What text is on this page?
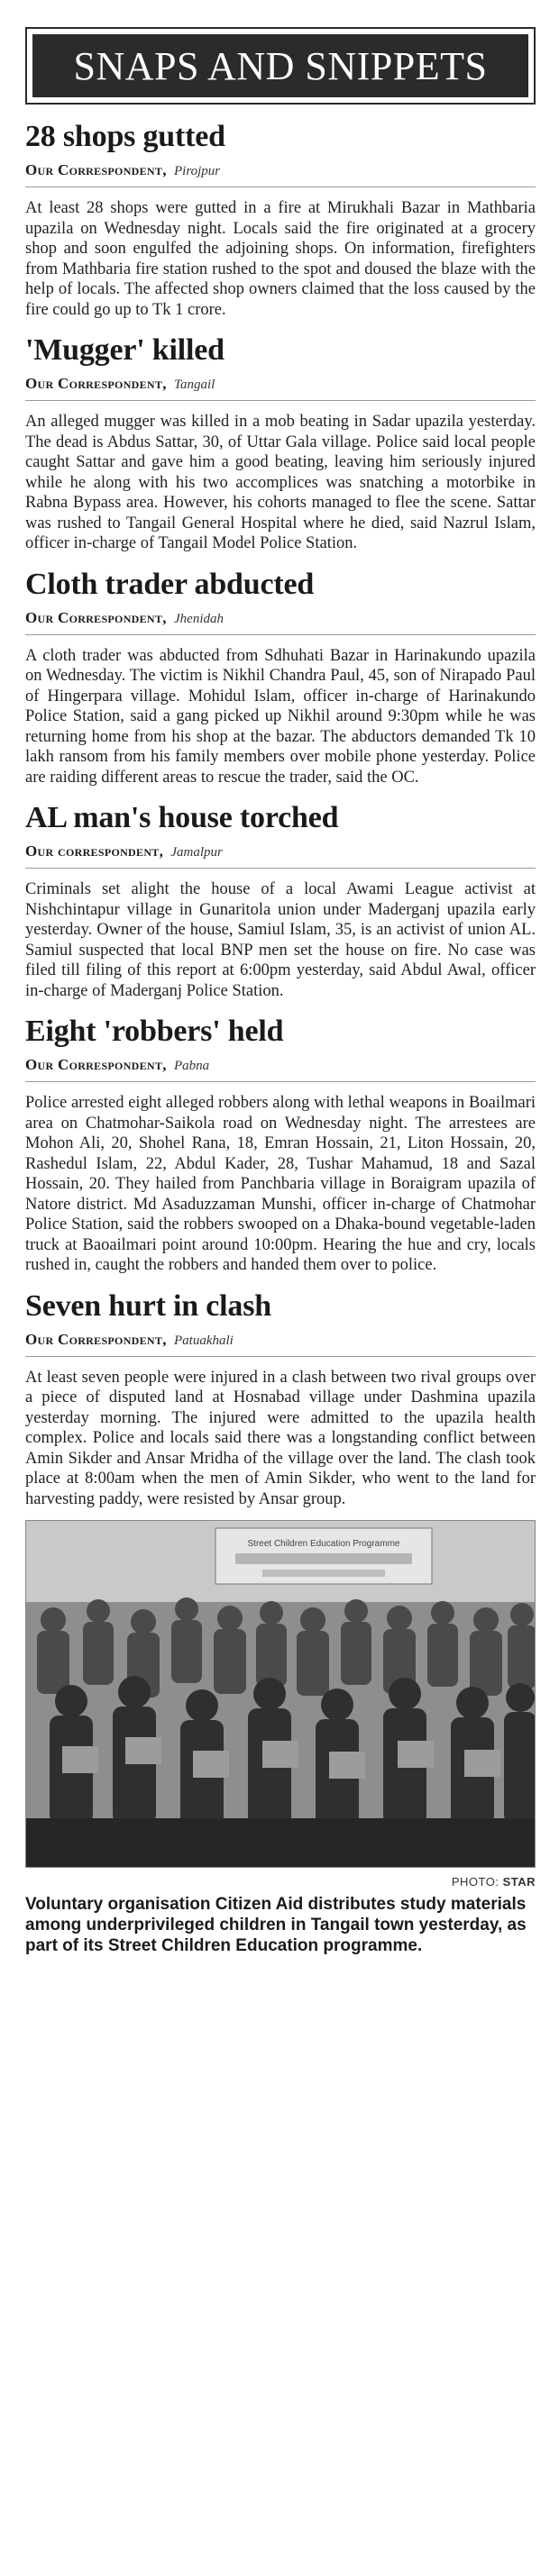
SNAPS AND SNIPPETS
28 shops gutted
Our Correspondent, Pirojpur

At least 28 shops were gutted in a fire at Mirukhali Bazar in Mathbaria upazila on Wednesday night. Locals said the fire originated at a grocery shop and soon engulfed the adjoining shops. On information, firefighters from Mathbaria fire station rushed to the spot and doused the blaze with the help of locals. The affected shop owners claimed that the loss caused by the fire could go up to Tk 1 crore.

'Mugger' killed
Our Correspondent, Tangail

An alleged mugger was killed in a mob beating in Sadar upazila yesterday. The dead is Abdus Sattar, 30, of Uttar Gala village. Police said local people caught Sattar and gave him a good beating, leaving him seriously injured while he along with his two accomplices was snatching a motorbike in Rabna Bypass area. However, his cohorts managed to flee the scene. Sattar was rushed to Tangail General Hospital where he died, said Nazrul Islam, officer in-charge of Tangail Model Police Station.

Cloth trader abducted
Our Correspondent, Jhenidah

A cloth trader was abducted from Sdhuhati Bazar in Harinakundo upazila on Wednesday. The victim is Nikhil Chandra Paul, 45, son of Nirapado Paul of Hingerpara village. Mohidul Islam, officer in-charge of Harinakundo Police Station, said a gang picked up Nikhil around 9:30pm while he was returning home from his shop at the bazar. The abductors demanded Tk 10 lakh ransom from his family members over mobile phone yesterday. Police are raiding different areas to rescue the trader, said the OC.

AL man's house torched
Our correspondent, Jamalpur

Criminals set alight the house of a local Awami League activist at Nishchintapur village in Gunaritola union under Maderganj upazila early yesterday. Owner of the house, Samiul Islam, 35, is an activist of union AL. Samiul suspected that local BNP men set the house on fire. No case was filed till filing of this report at 6:00pm yesterday, said Abdul Awal, officer in-charge of Maderganj Police Station.

Eight 'robbers' held
Our Correspondent, Pabna

Police arrested eight alleged robbers along with lethal weapons in Boailmari area on Chatmohar-Saikola road on Wednesday night. The arrestees are Mohon Ali, 20, Shohel Rana, 18, Emran Hossain, 21, Liton Hossain, 20, Rashedul Islam, 22, Abdul Kader, 28, Tushar Mahamud, 18 and Sazal Hossain, 20. They hailed from Panchbaria village in Boraigram upazila of Natore district. Md Asaduzzaman Munshi, officer in-charge of Chatmohar Police Station, said the robbers swooped on a Dhaka-bound vegetable-laden truck at Baoailmari point around 10:00pm. Hearing the hue and cry, locals rushed in, caught the robbers and handed them over to police.

Seven hurt in clash
Our Correspondent, Patuakhali

At least seven people were injured in a clash between two rival groups over a piece of disputed land at Hosnabad village under Dashmina upazila yesterday morning. The injured were admitted to the upazila health complex. Police and locals said there was a longstanding conflict between Amin Sikder and Ansar Mridha of the village over the land. The clash took place at 8:00am when the men of Amin Sikder, who went to the land for harvesting paddy, were resisted by Ansar group.

Street Children Education Programme
PHOTO: STAR

Voluntary organisation Citizen Aid distributes study materials among underprivileged children in Tangail town yesterday, as part of its Street Children Education programme.
